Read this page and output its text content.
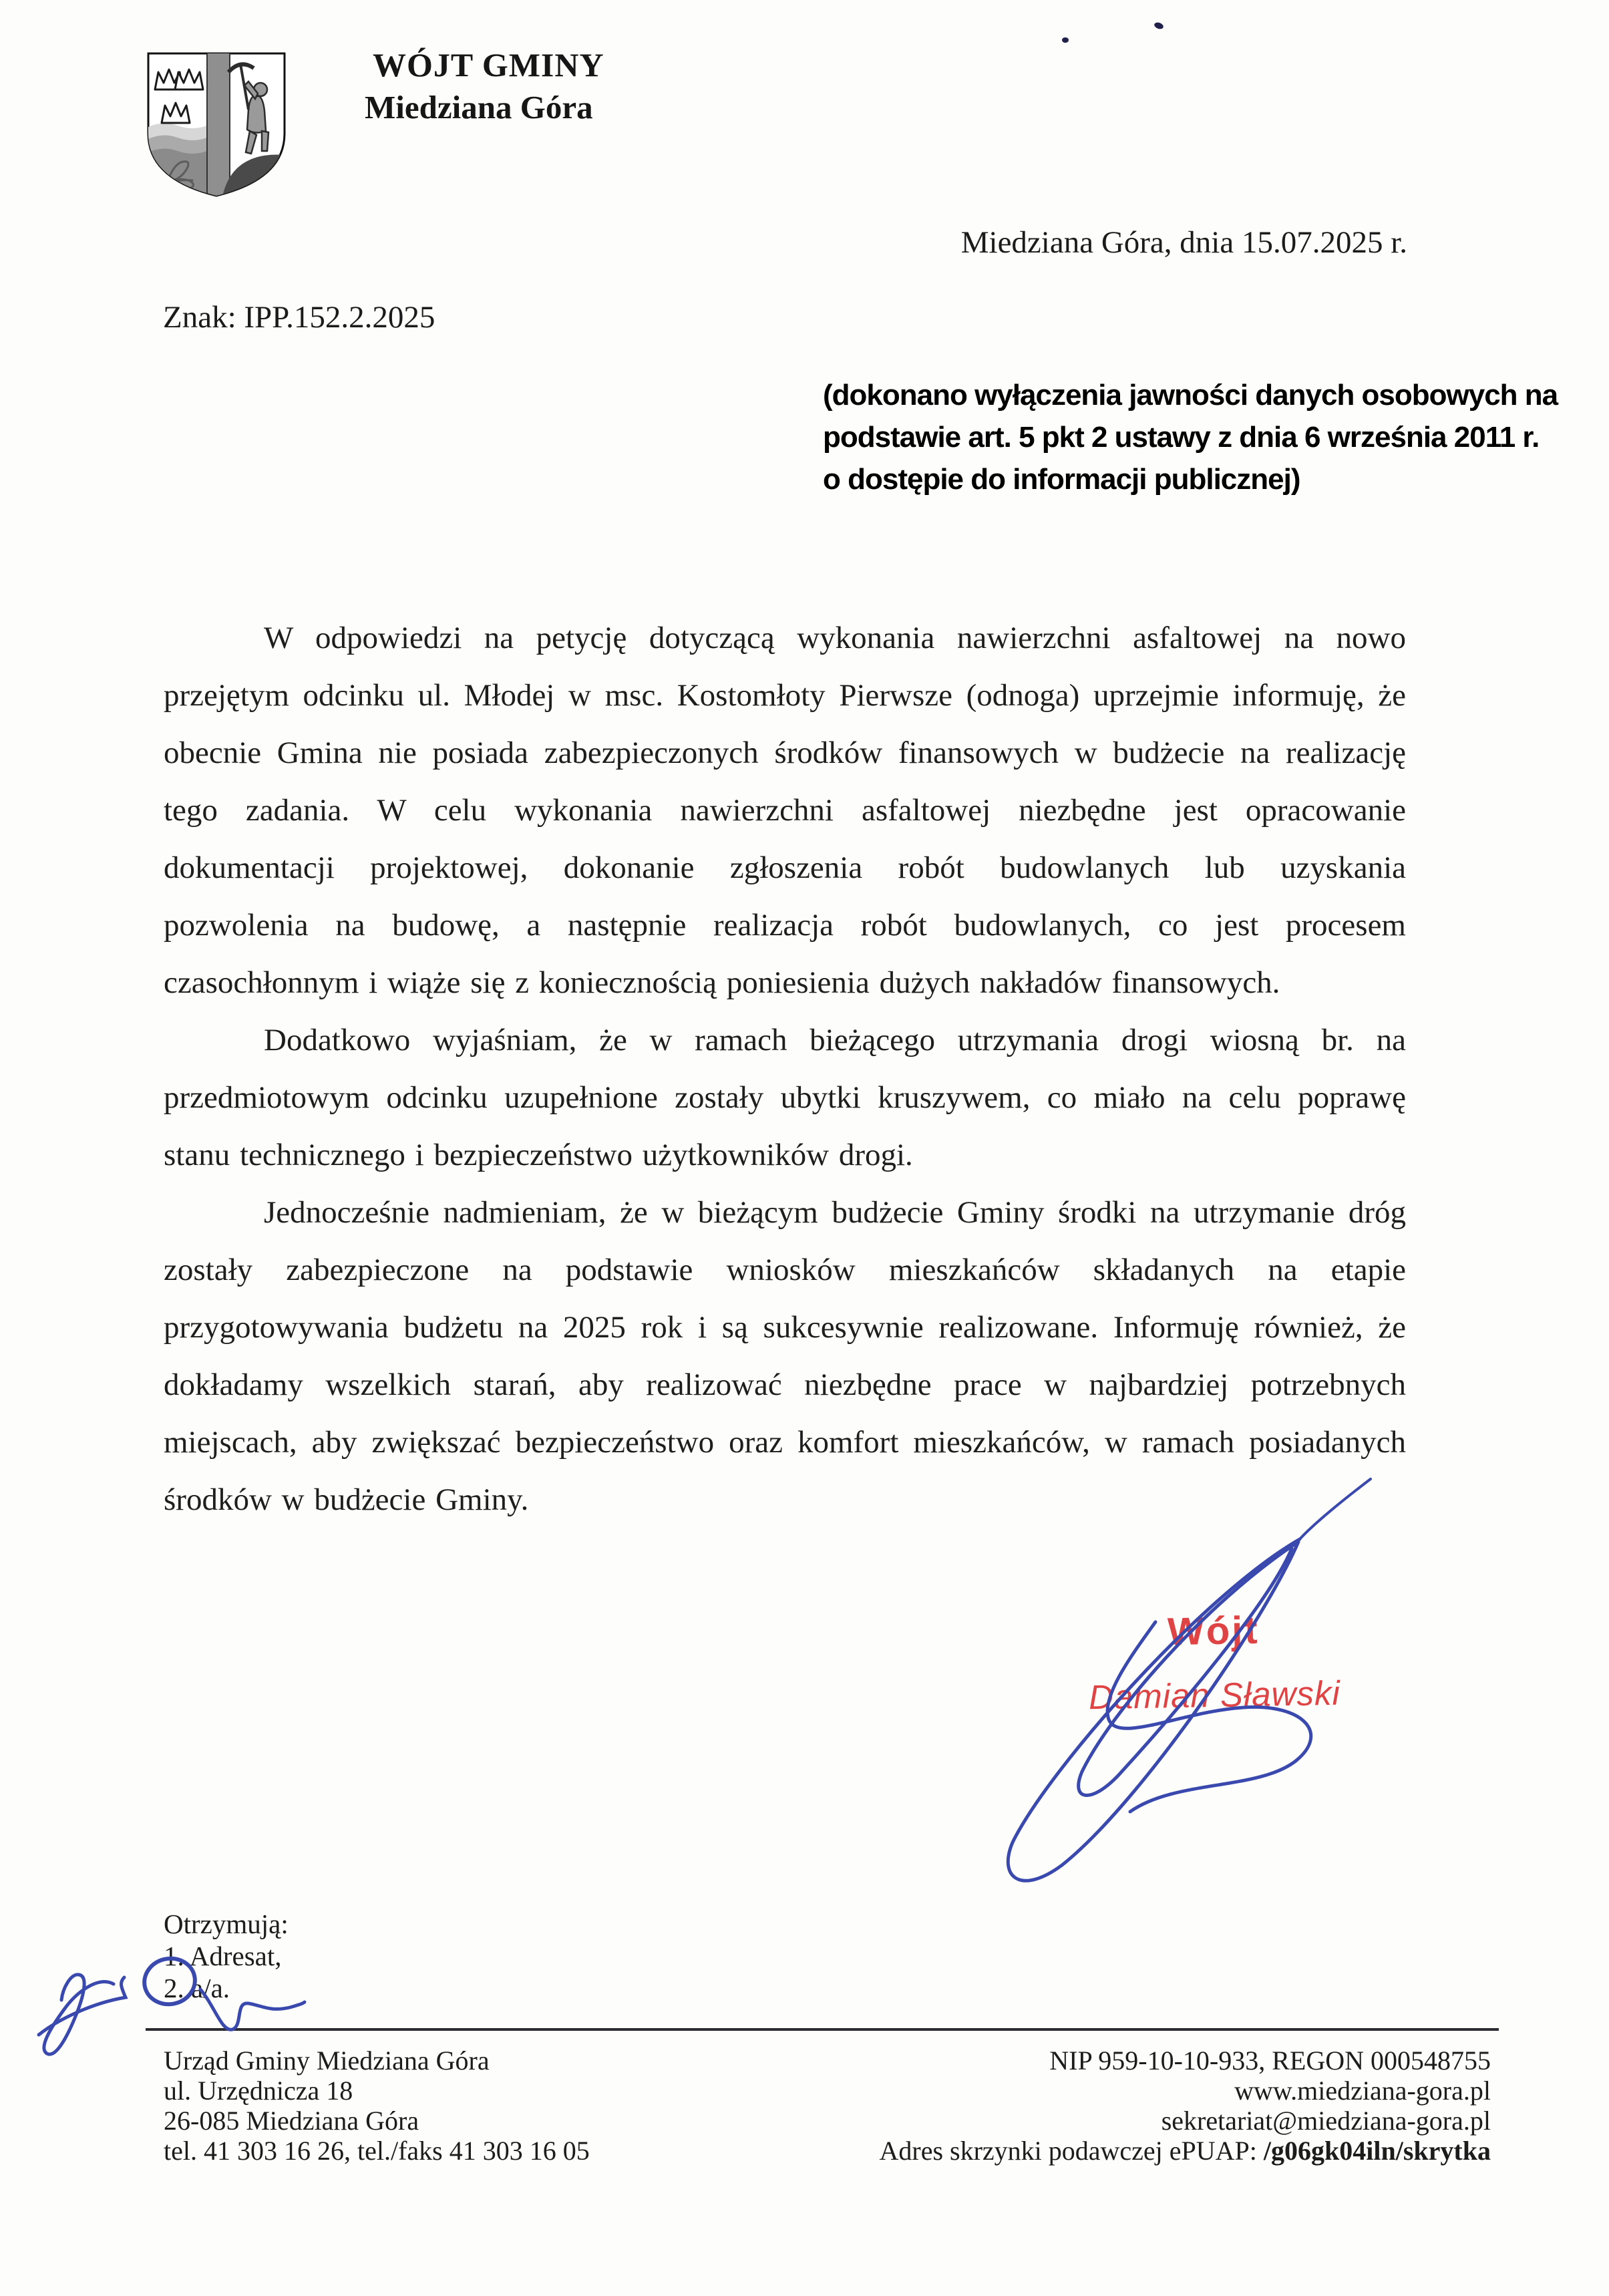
WÓJT GMINY
Miedziana Góra
Miedziana Góra, dnia 15.07.2025 r.
Znak: IPP.152.2.2025
(dokonano wyłączenia jawności danych osobowych na
podstawie art. 5 pkt 2 ustawy z dnia 6 września 2011 r.
o dostępie do informacji publicznej)
W odpowiedzi na petycję dotyczącą wykonania nawierzchni asfaltowej na nowo
przejętym odcinku ul. Młodej w msc. Kostomłoty Pierwsze (odnoga) uprzejmie informuję, że
obecnie Gmina nie posiada zabezpieczonych środków finansowych w budżecie na realizację
tego zadania. W celu wykonania nawierzchni asfaltowej niezbędne jest opracowanie
dokumentacji projektowej, dokonanie zgłoszenia robót budowlanych lub uzyskania
pozwolenia na budowę, a następnie realizacja robót budowlanych, co jest procesem
czasochłonnym i wiąże się z koniecznością poniesienia dużych nakładów finansowych.
Dodatkowo wyjaśniam, że w ramach bieżącego utrzymania drogi wiosną br. na
przedmiotowym odcinku uzupełnione zostały ubytki kruszywem, co miało na celu poprawę
stanu technicznego i bezpieczeństwo użytkowników drogi.
Jednocześnie nadmieniam, że w bieżącym budżecie Gminy środki na utrzymanie dróg
zostały zabezpieczone na podstawie wniosków mieszkańców składanych na etapie
przygotowywania budżetu na 2025 rok i są sukcesywnie realizowane. Informuję również, że
dokładamy wszelkich starań, aby realizować niezbędne prace w najbardziej potrzebnych
miejscach, aby zwiększać bezpieczeństwo oraz komfort mieszkańców, w ramach posiadanych
środków w budżecie Gminy.
Wójt
Damian Sławski
Otrzymują:
1. Adresat,
2. a/a.
Urząd Gminy Miedziana Góra
ul. Urzędnicza 18
26-085 Miedziana Góra
tel. 41 303 16 26, tel./faks 41 303 16 05
NIP 959-10-10-933, REGON 000548755
www.miedziana-gora.pl
sekretariat@miedziana-gora.pl
Adres skrzynki podawczej ePUAP: /g06gk04iln/skrytka
